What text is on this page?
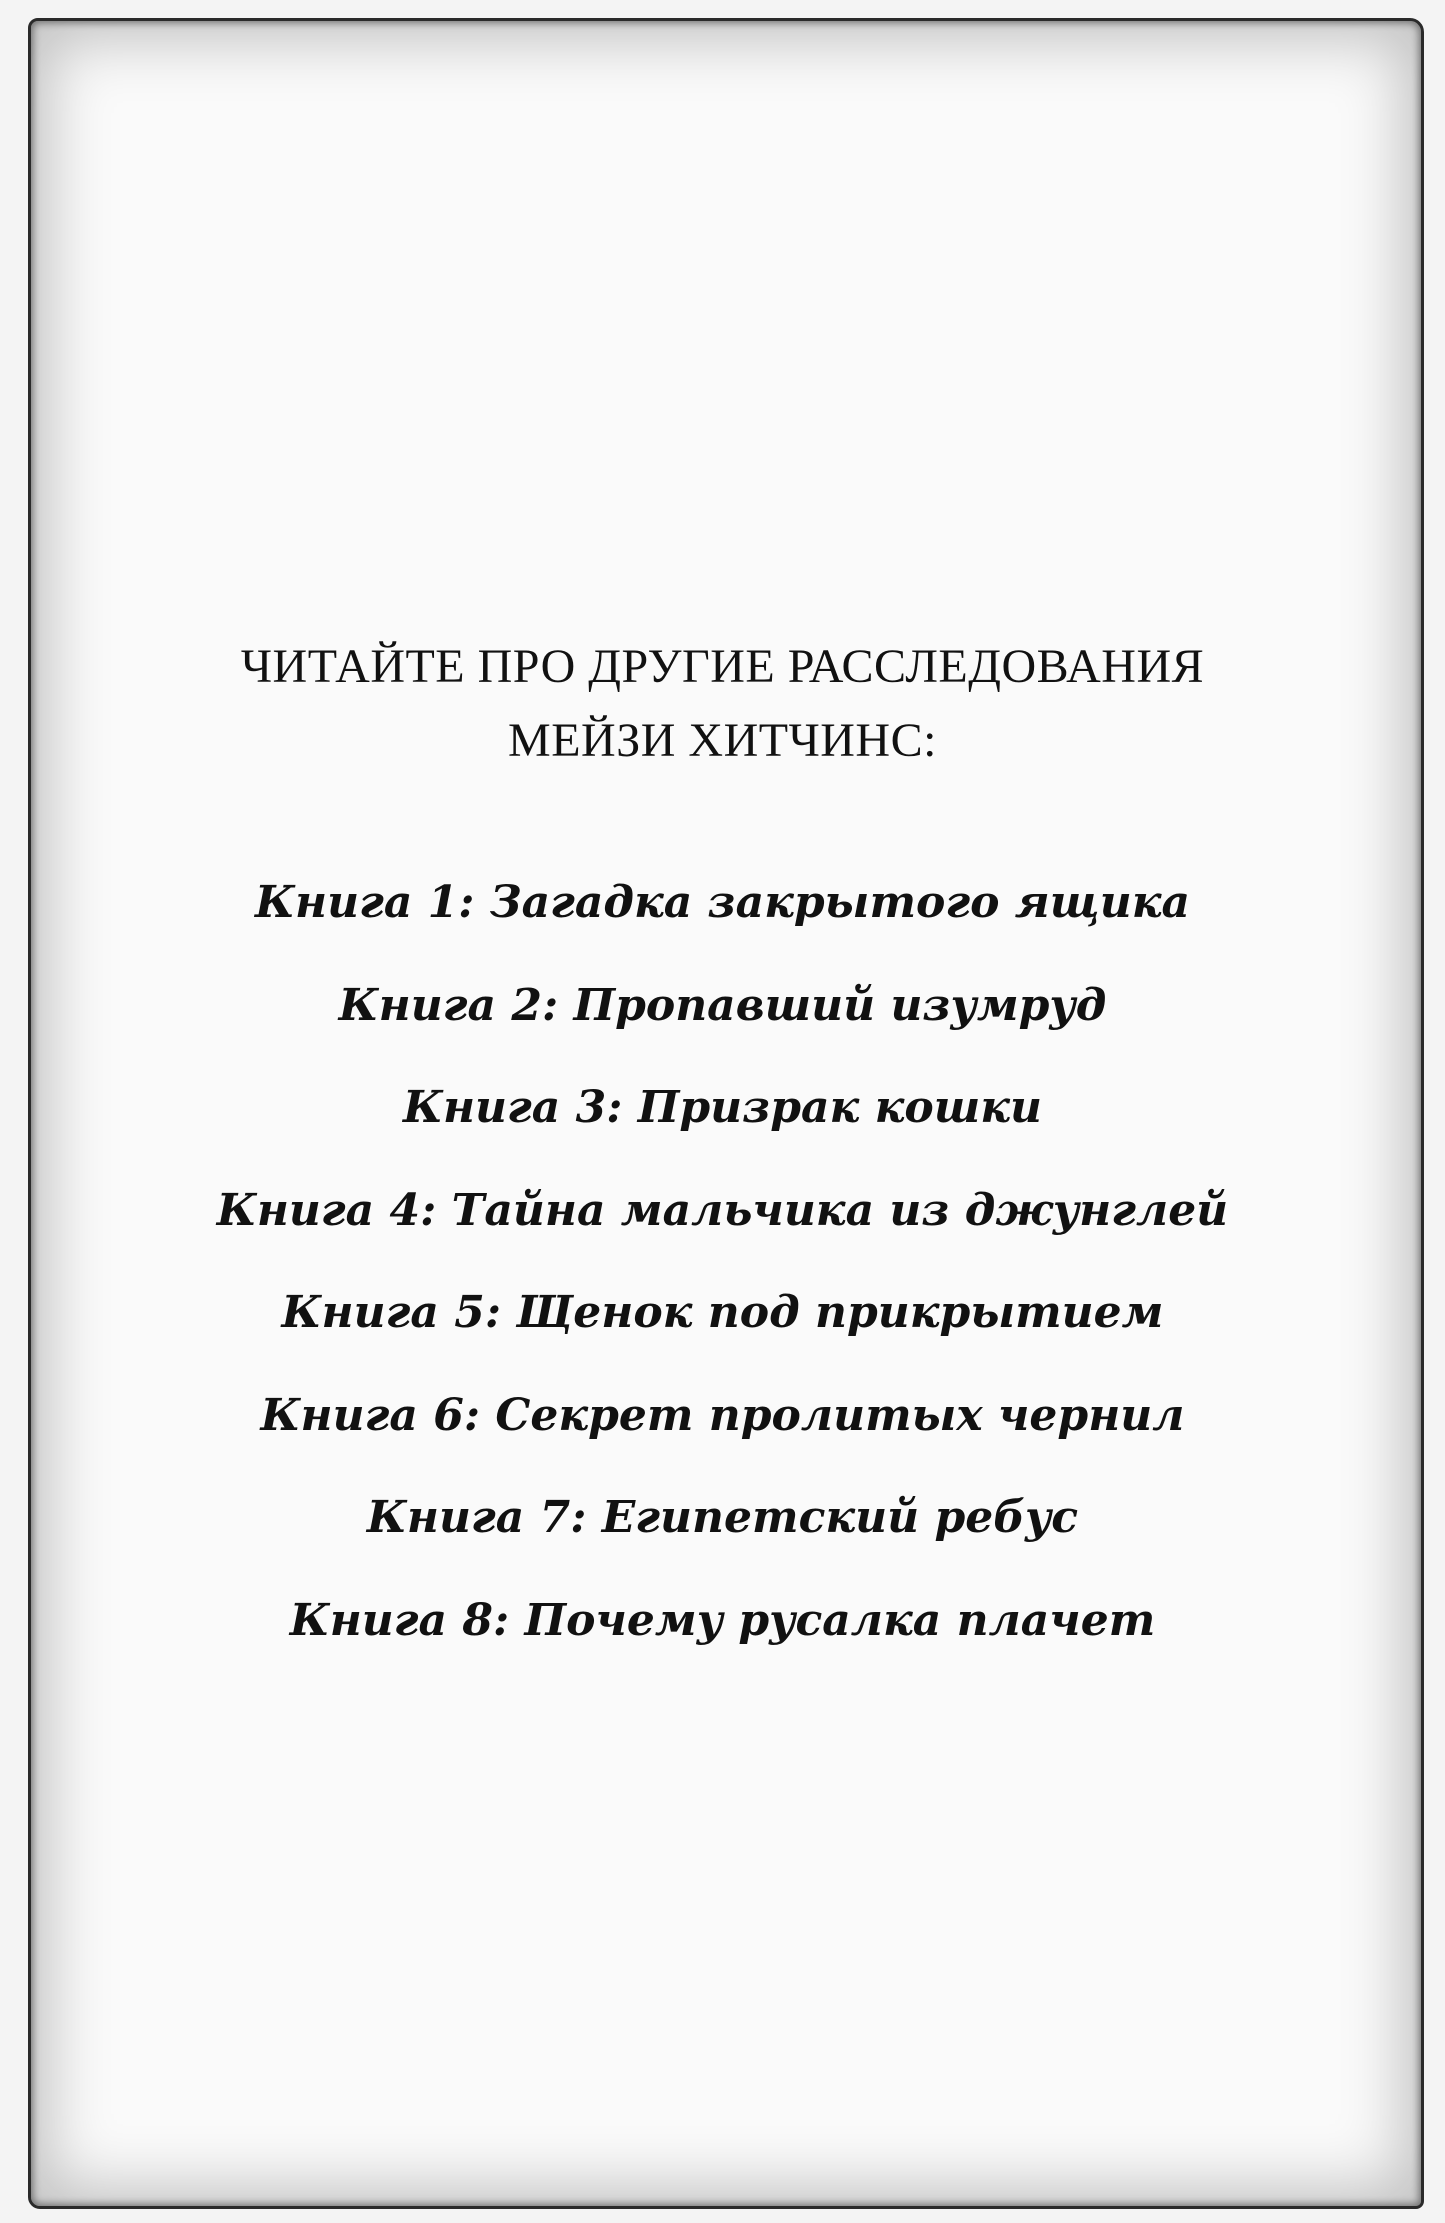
ЧИТАЙТЕ ПРО ДРУГИЕ РАССЛЕДОВАНИЯ
МЕЙЗИ ХИТЧИНС:
Книга 1: Загадка закрытого ящика
Книга 2: Пропавший изумруд
Книга 3: Призрак кошки
Книга 4: Тайна мальчика из джунглей
Книга 5: Щенок под прикрытием
Книга 6: Секрет пролитых чернил
Книга 7: Египетский ребус
Книга 8: Почему русалка плачет
